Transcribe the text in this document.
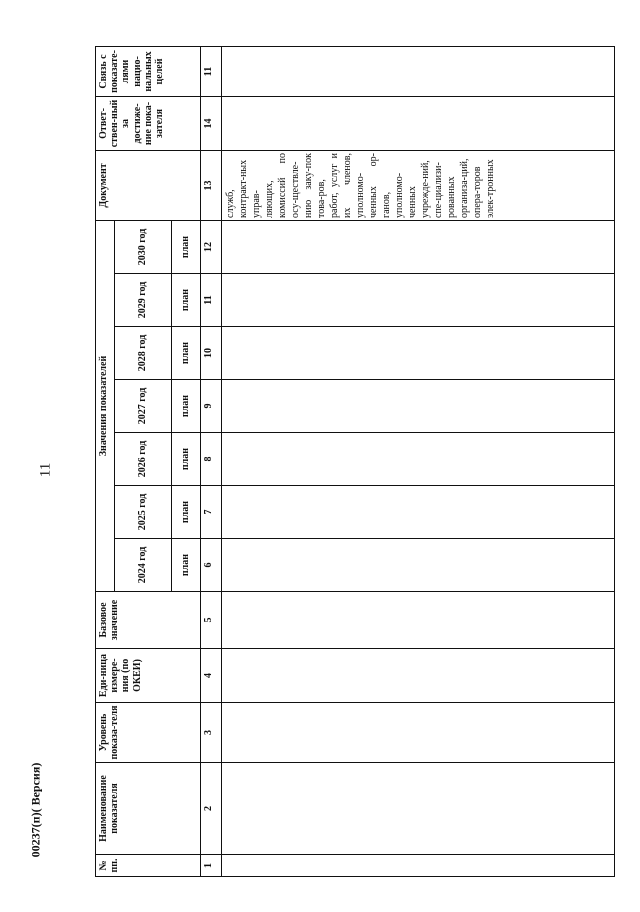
11
00237(п)( Версия)
№ пп.	Наименование показателя	Уровень показа-теля	Еди-ница измере-ния (по ОКЕИ)	Базовое значение	Значения показателей							Документ	Ответ-ствен-ный за достиже-ние пока-зателя	Связь с показате-лями нацио-нальных целей
					2024 год	2025 год	2026 год	2027 год	2028 год	2029 год	2030 год			
					план	план	план	план	план	план	план			
1	2	3	4	5	6	7	8	9	10	11	12	13	14	11
												служб, контракт-ных управ-ляющих, комиссий по осу-ществле-нию заку-пок това-ров, работ, услуг и их членов, уполномо-ченных ор-ганов, уполномо-ченных учрежде-ний, спе-циализи-рованных организа-ций, опера-торов элек-тронных		
